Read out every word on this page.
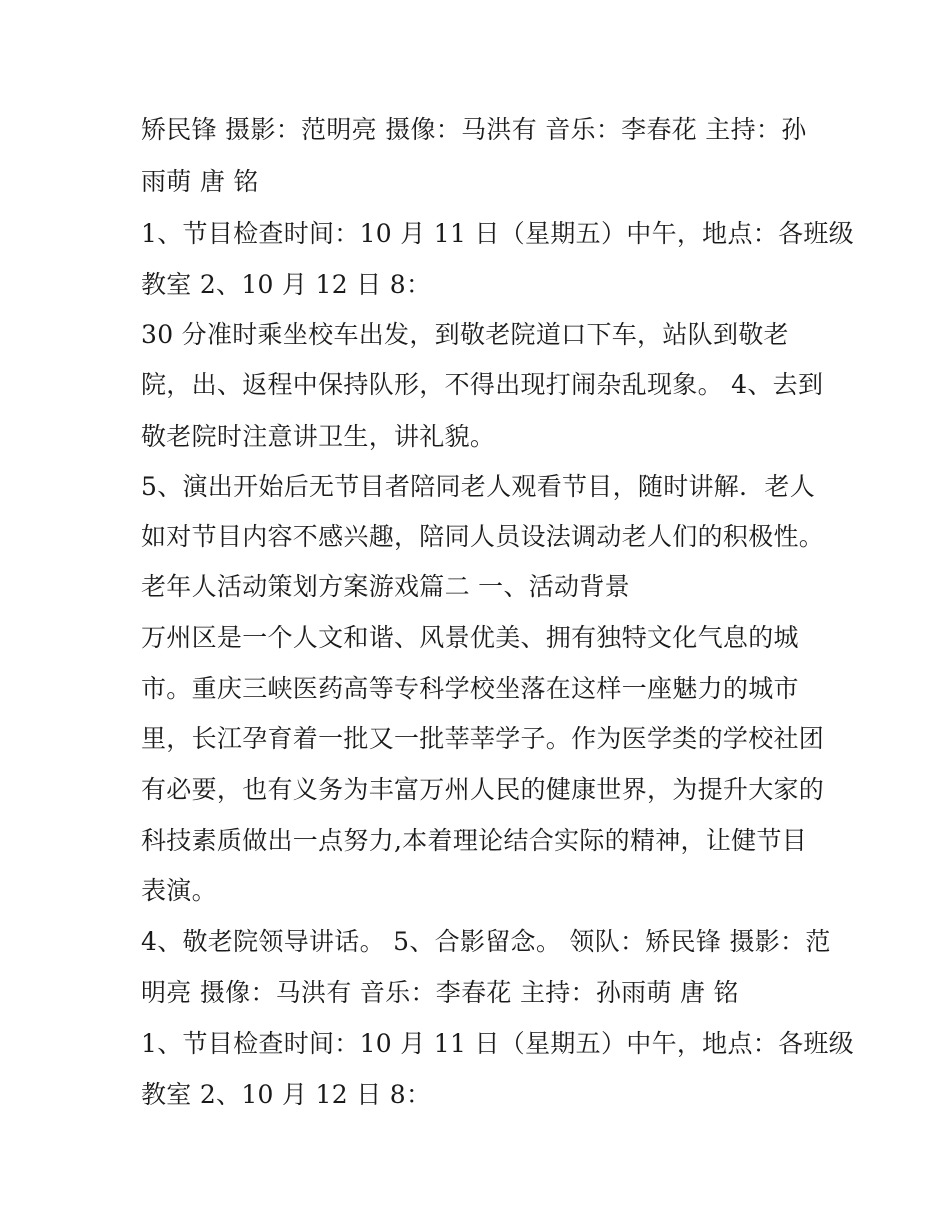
矫民锋 摄影：范明亮 摄像：马洪有 音乐：李春花 主持：孙
雨萌 唐 铭
1、节目检查时间：10 月 11 日（星期五）中午，地点：各班级
教室 2、10 月 12 日 8：
30 分准时乘坐校车出发，到敬老院道口下车，站队到敬老
院，出、返程中保持队形，不得出现打闹杂乱现象。 4、去到
敬老院时注意讲卫生，讲礼貌。
5、演出开始后无节目者陪同老人观看节目，随时讲解．老人
如对节目内容不感兴趣，陪同人员设法调动老人们的积极性。
老年人活动策划方案游戏篇二 一、活动背景
万州区是一个人文和谐、风景优美、拥有独特文化气息的城
市。重庆三峡医药高等专科学校坐落在这样一座魅力的城市
里，长江孕育着一批又一批莘莘学子。作为医学类的学校社团
有必要，也有义务为丰富万州人民的健康世界，为提升大家的
科技素质做出一点努力,本着理论结合实际的精神，让健节目
表演。
4、敬老院领导讲话。 5、合影留念。 领队：矫民锋 摄影：范
明亮 摄像：马洪有 音乐：李春花 主持：孙雨萌 唐 铭
1、节目检查时间：10 月 11 日（星期五）中午，地点：各班级
教室 2、10 月 12 日 8：
